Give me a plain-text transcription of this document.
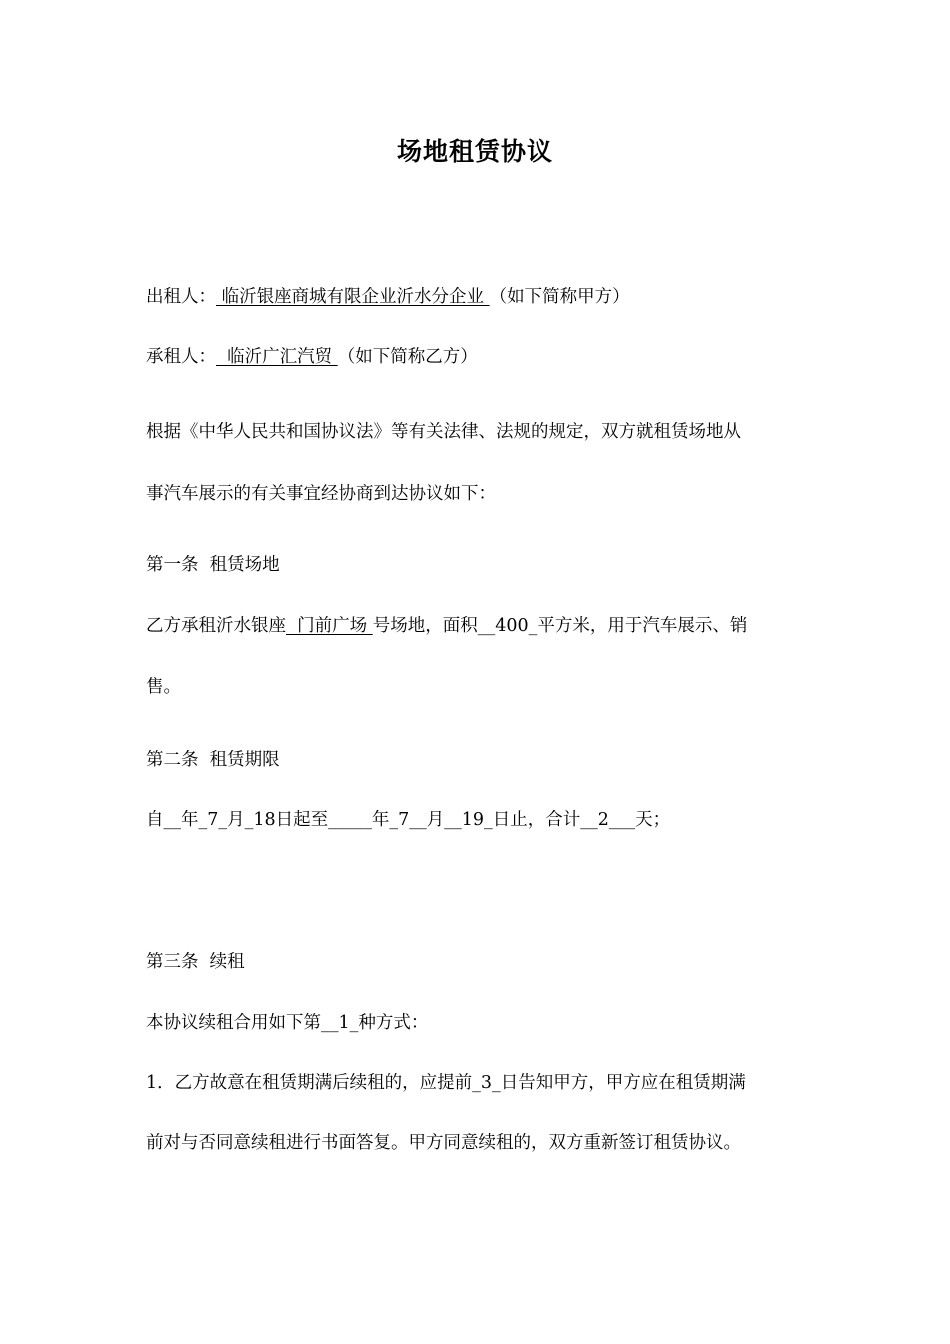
场地租赁协议
出租人： 临沂银座商城有限企业沂水分企业 （如下简称甲方）
承租人：  临沂广汇汽贸 （如下简称乙方）
根据《中华人民共和国协议法》等有关法律、法规的规定，双方就租赁场地从
事汽车展示的有关事宜经协商到达协议如下：
第一条  租赁场地
乙方承租沂水银座  门前广场 号场地，面积__400_平方米，用于汽车展示、销
售。
第二条  租赁期限
自__年_7_月_18日起至_____年_7__月__19_日止，合计__2___天；
第三条  续租
本协议续租合用如下第__1_种方式：
1．乙方故意在租赁期满后续租的，应提前_3_日告知甲方，甲方应在租赁期满
前对与否同意续租进行书面答复。甲方同意续租的，双方重新签订租赁协议。
